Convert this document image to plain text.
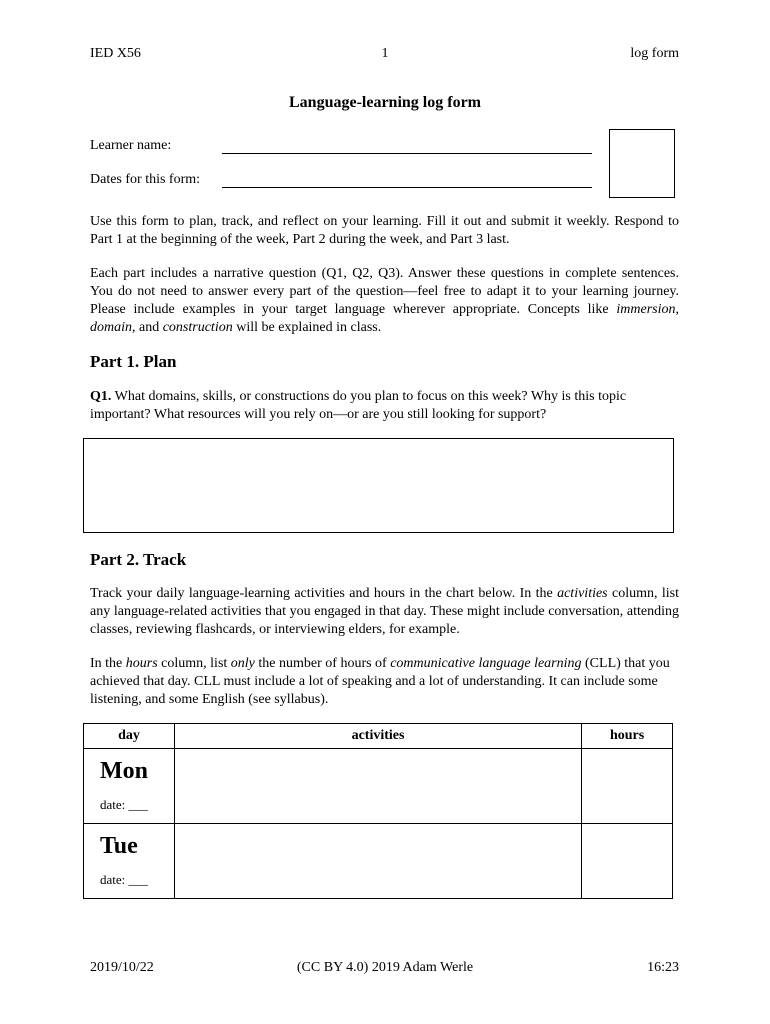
IED X56	1	log form
Language-learning log form
Learner name:
Dates for this form:

Use this form to plan, track, and reflect on your learning. Fill it out and submit it weekly. Respond to Part 1 at the beginning of the week, Part 2 during the week, and Part 3 last.

Each part includes a narrative question (Q1, Q2, Q3). Answer these questions in complete sentences. You do not need to answer every part of the question—feel free to adapt it to your learning journey. Please include examples in your target language wherever appropriate. Concepts like immersion, domain, and construction will be explained in class.

Part 1. Plan

Q1. What domains, skills, or constructions do you plan to focus on this week? Why is this topic important? What resources will you rely on—or are you still looking for support?

Part 2. Track

Track your daily language-learning activities and hours in the chart below. In the activities column, list any language-related activities that you engaged in that day. These might include conversation, attending classes, reviewing flashcards, or interviewing elders, for example.

In the hours column, list only the number of hours of communicative language learning (CLL) that you achieved that day. CLL must include a lot of speaking and a lot of understanding. It can include some listening, and some English (see syllabus).

day	activities	hours

Mon
date: ___		

Tue
date: ___		

2019/10/22	(CC BY 4.0) 2019 Adam Werle	16:23
